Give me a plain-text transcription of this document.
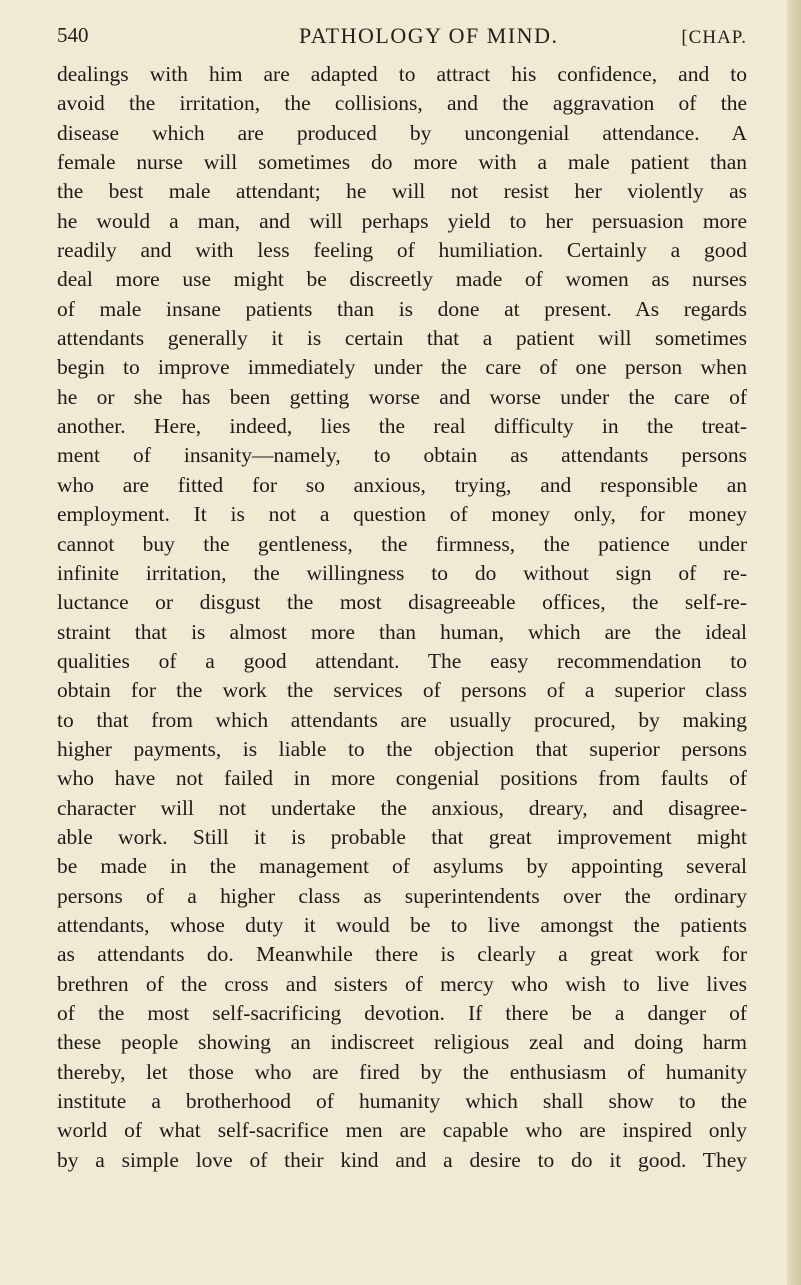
540	PATHOLOGY OF MIND.	[CHAP.
dealings with him are adapted to attract his confidence, and to
avoid the irritation, the collisions, and the aggravation of the
disease which are produced by uncongenial attendance. A
female nurse will sometimes do more with a male patient than
the best male attendant; he will not resist her violently as
he would a man, and will perhaps yield to her persuasion more
readily and with less feeling of humiliation. Certainly a good
deal more use might be discreetly made of women as nurses
of male insane patients than is done at present. As regards
attendants generally it is certain that a patient will sometimes
begin to improve immediately under the care of one person when
he or she has been getting worse and worse under the care of
another. Here, indeed, lies the real difficulty in the treat-
ment of insanity—namely, to obtain as attendants persons
who are fitted for so anxious, trying, and responsible an
employment. It is not a question of money only, for money
cannot buy the gentleness, the firmness, the patience under
infinite irritation, the willingness to do without sign of re-
luctance or disgust the most disagreeable offices, the self-re-
straint that is almost more than human, which are the ideal
qualities of a good attendant. The easy recommendation to
obtain for the work the services of persons of a superior class
to that from which attendants are usually procured, by making
higher payments, is liable to the objection that superior persons
who have not failed in more congenial positions from faults of
character will not undertake the anxious, dreary, and disagree-
able work. Still it is probable that great improvement might
be made in the management of asylums by appointing several
persons of a higher class as superintendents over the ordinary
attendants, whose duty it would be to live amongst the patients
as attendants do. Meanwhile there is clearly a great work for
brethren of the cross and sisters of mercy who wish to live lives
of the most self-sacrificing devotion. If there be a danger of
these people showing an indiscreet religious zeal and doing harm
thereby, let those who are fired by the enthusiasm of humanity
institute a brotherhood of humanity which shall show to the
world of what self-sacrifice men are capable who are inspired only
by a simple love of their kind and a desire to do it good. They
